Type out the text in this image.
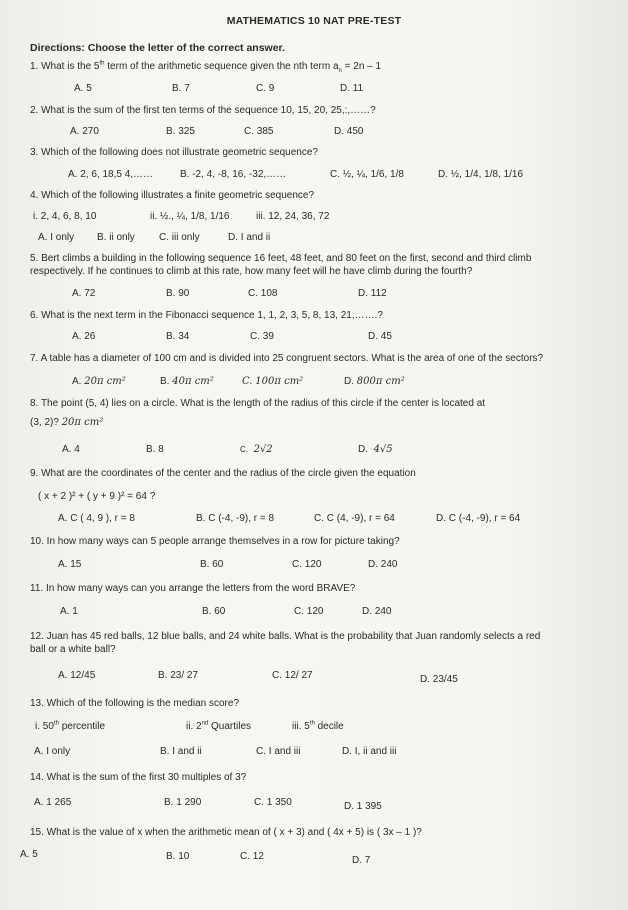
MATHEMATICS 10 NAT PRE-TEST
Directions: Choose the letter of the correct answer.
1. What is the 5th term of the arithmetic sequence given the nth term $a_n = 2n - 1$
A. 5	B. 7	C. 9	D. 11
2. What is the sum of the first ten terms of the sequence 10, 15, 20, 25,:,……?
A. 270	B. 325	C. 385	D. 450
3. Which of the following does not illustrate geometric sequence?
A. 2, 6, 18,5 4,……	B. -2, 4, -8, 16, -32,……	C. ½, ¼, 1/6, 1/8	D. ½, 1/4, 1/8, 1/16
4. Which of the following illustrates a finite geometric sequence?
i. 2, 4, 6, 8, 10	ii. ½., ¼, 1/8, 1/16	iii. 12, 24, 36, 72
A. I only B. ii only C. iii only	D. I and ii
5. Bert climbs a building in the following sequence 16 feet, 48 feet, and 80 feet on the first, second and third climb
respectively. If he continues to climb at this rate, how many feet will he have climb during the fourth?
A. 72	B. 90	C. 108	D. 112
6. What is the next term in the Fibonacci sequence 1, 1, 2, 3, 5, 8, 13, 21,…….?
A. 26	B. 34	C. 39	D. 45
7. A table has a diameter of 100 cm and is divided into 25 congruent sectors. What is the area of one of the sectors?
A. 20π cm²	B. 40π cm²	C. 100π cm²	D. 800π cm²
8. The point (5, 4) lies on a circle. What is the length of the radius of this circle if the center is located at
(3, 2)? 20π cm²
A. 4	B. 8	C. 2√2	D. 4√5
9. What are the coordinates of the center and the radius of the circle given the equation
( x + 2 )² + ( y + 9 )² = 64 ?
A. C ( 4, 9 ), r = 8	B. C (-4, -9), r = 8	C. C (4, -9), r = 64	D. C (-4, -9), r = 64
10. In how many ways can 5 people arrange themselves in a row for picture taking?
A. 15	B. 60	C. 120	D. 240
11. In how many ways can you arrange the letters from the word BRAVE?
A. 1	B. 60	C. 120	D. 240
12. Juan has 45 red balls, 12 blue balls, and 24 white balls. What is the probability that Juan randomly selects a red
ball or a white ball?
A. 12/45	B. 23/ 27	C. 12/ 27	D. 23/45
13. Which of the following is the median score?
i. 50th percentile	ii. 2nd Quartiles	iii. 5th decile
A. I only	B. I and ii	C. I and iii	D. I, ii and iii
14. What is the sum of the first 30 multiples of 3?
A. 1 265	B. 1 290	C. 1 350	D. 1 395
15. What is the value of x when the arithmetic mean of ( x + 3) and ( 4x + 5) is ( 3x – 1 )?
A. 5	B. 10	C. 12	D. 7
